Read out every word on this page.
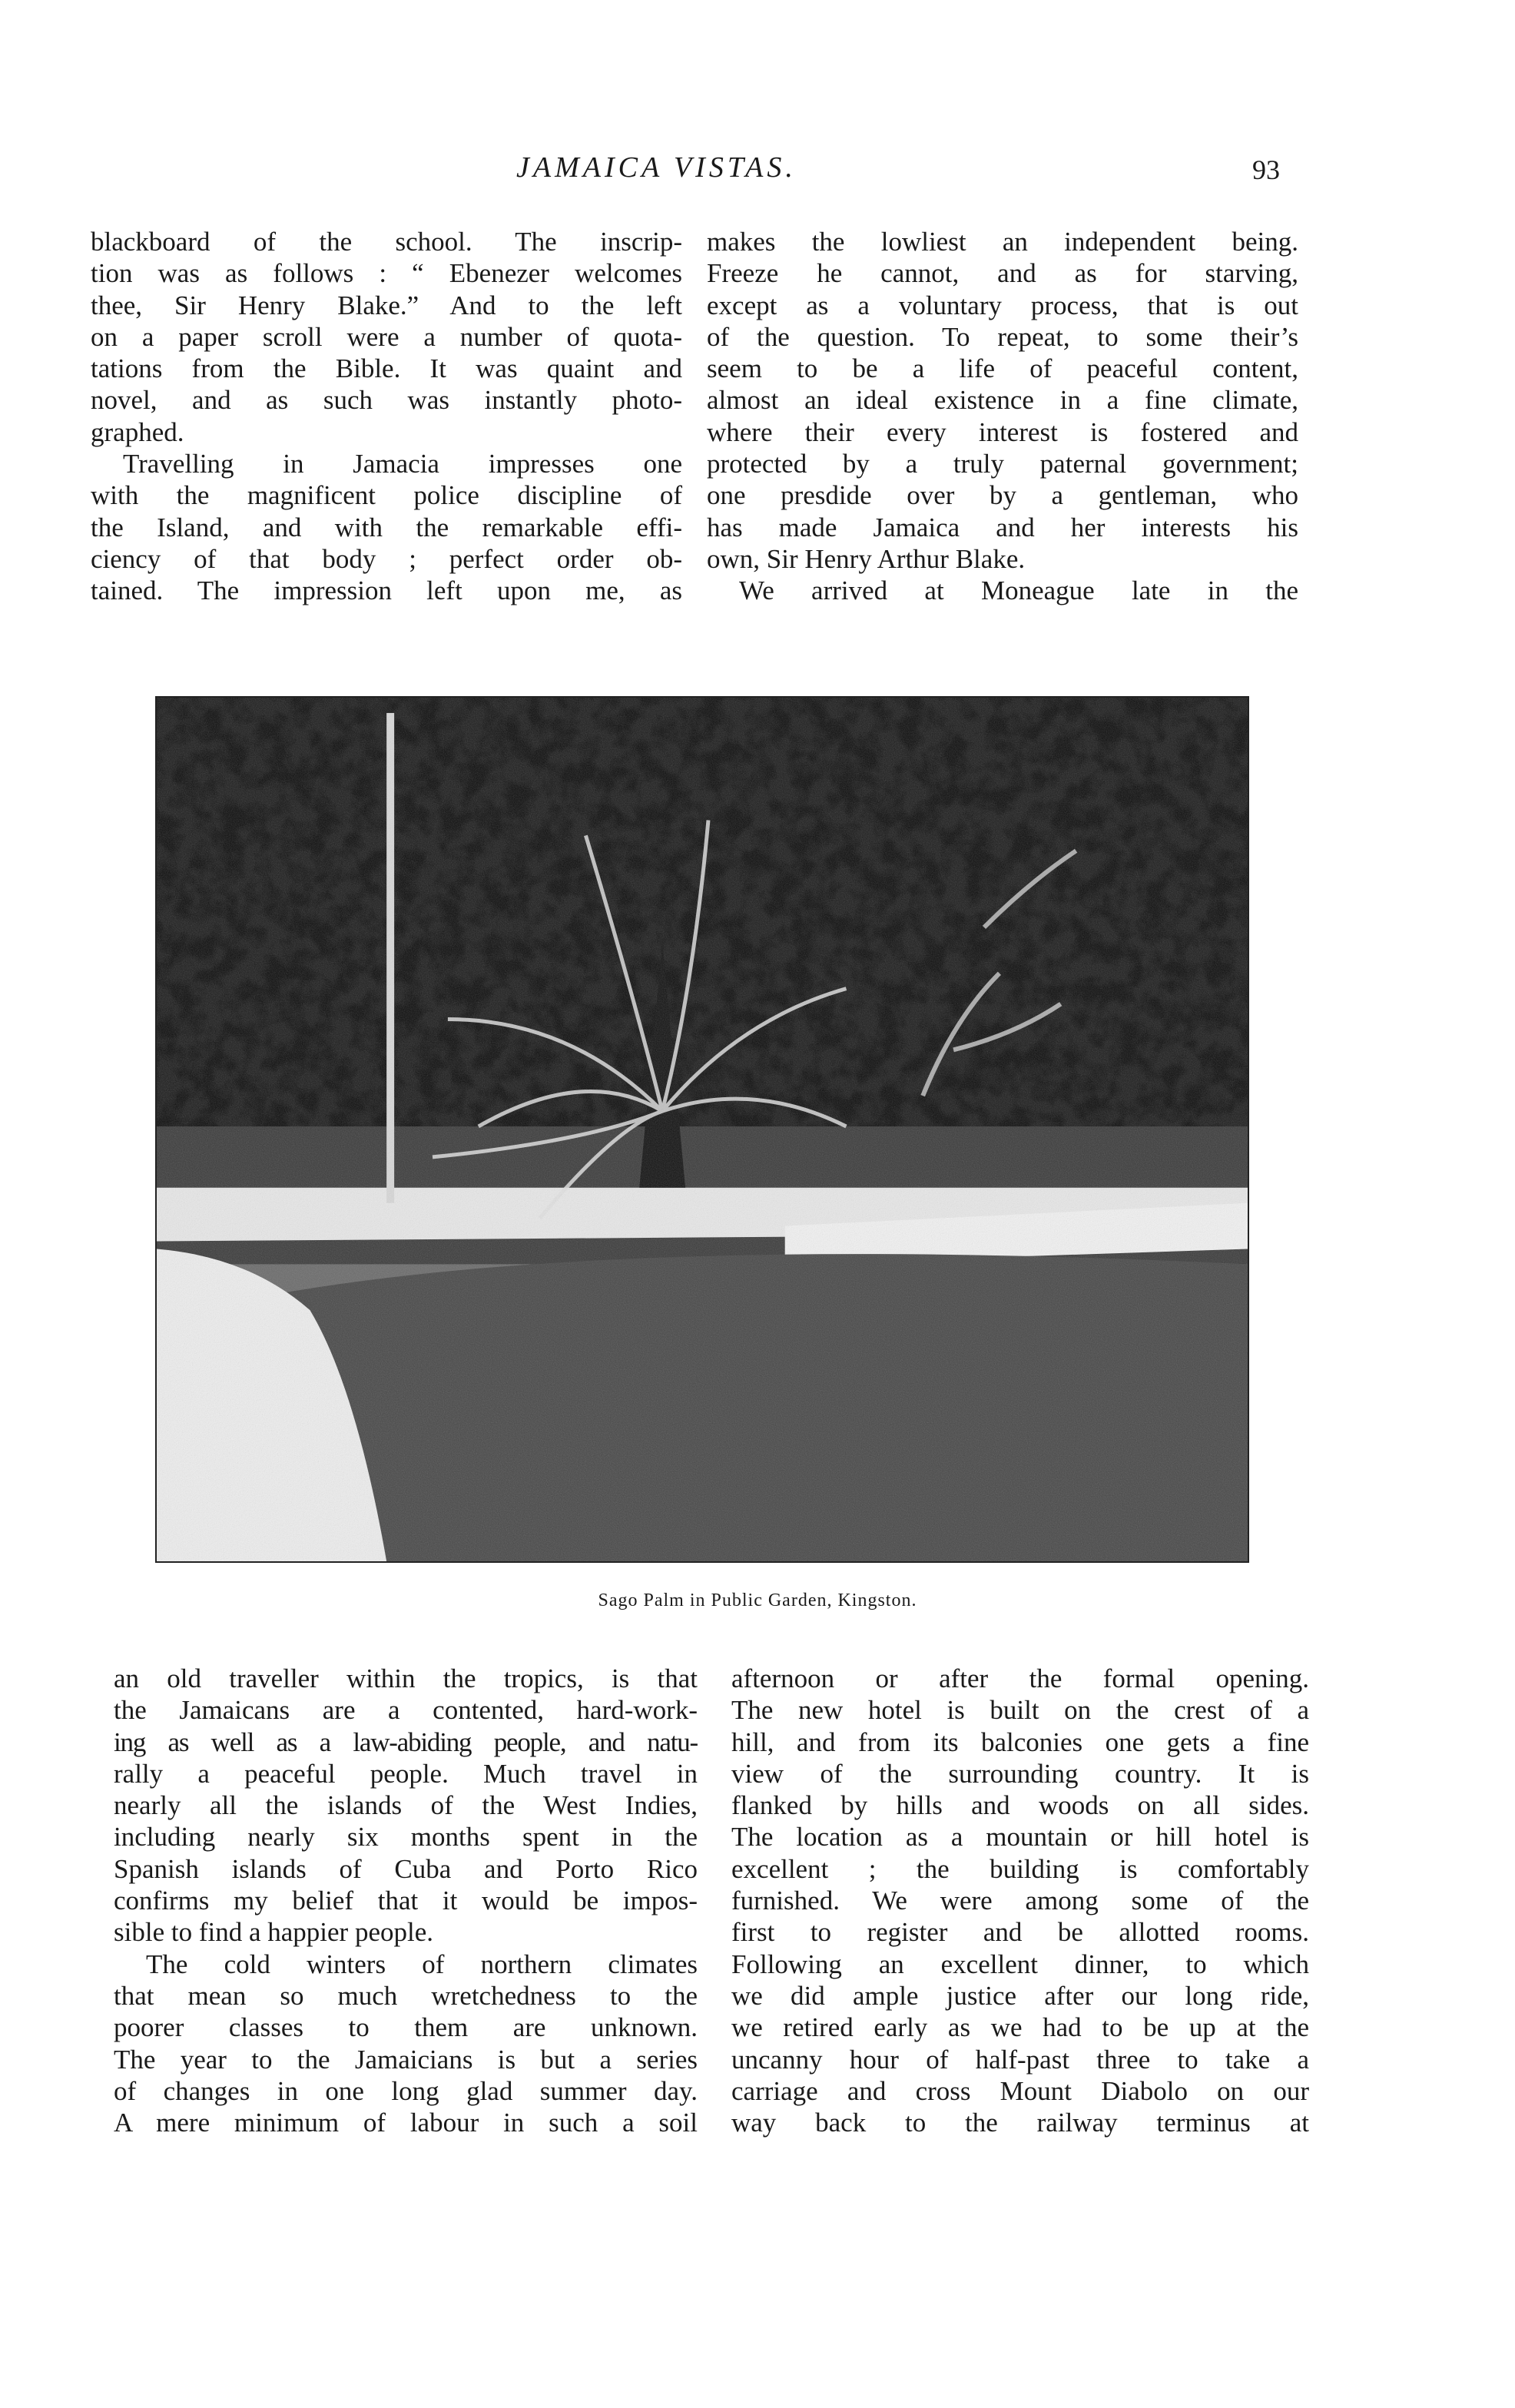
JAMAICA VISTAS.	93
blackboard of the school. The inscrip-
tion was as follows : “ Ebenezer welcomes
thee, Sir Henry Blake.” And to the left
on a paper scroll were a number of quota-
tations from the Bible. It was quaint and
novel, and as such was instantly photo-
graphed.
Travelling in Jamacia impresses one
with the magnificent police discipline of
the Island, and with the remarkable effi-
ciency of that body ; perfect order ob-
tained. The impression left upon me, as
makes the lowliest an independent being.
Freeze he cannot, and as for starving,
except as a voluntary process, that is out
of the question. To repeat, to some their’s
seem to be a life of peaceful content,
almost an ideal existence in a fine climate,
where their every interest is fostered and
protected by a truly paternal government;
one presdide over by a gentleman, who
has made Jamaica and her interests his
own, Sir Henry Arthur Blake.
We arrived at Moneague late in the
Sago Palm in Public Garden, Kingston.
an old traveller within the tropics, is that
the Jamaicans are a contented, hard-work-
ing as well as a law-abiding people, and natu-
rally a peaceful people. Much travel in
nearly all the islands of the West Indies,
including nearly six months spent in the
Spanish islands of Cuba and Porto Rico
confirms my belief that it would be impos-
sible to find a happier people.
The cold winters of northern climates
that mean so much wretchedness to the
poorer classes to them are unknown.
The year to the Jamaicians is but a series
of changes in one long glad summer day.
A mere minimum of labour in such a soil
afternoon or after the formal opening.
The new hotel is built on the crest of a
hill, and from its balconies one gets a fine
view of the surrounding country. It is
flanked by hills and woods on all sides.
The location as a mountain or hill hotel is
excellent ; the building is comfortably
furnished. We were among some of the
first to register and be allotted rooms.
Following an excellent dinner, to which
we did ample justice after our long ride,
we retired early as we had to be up at the
uncanny hour of half-past three to take a
carriage and cross Mount Diabolo on our
way back to the railway terminus at
